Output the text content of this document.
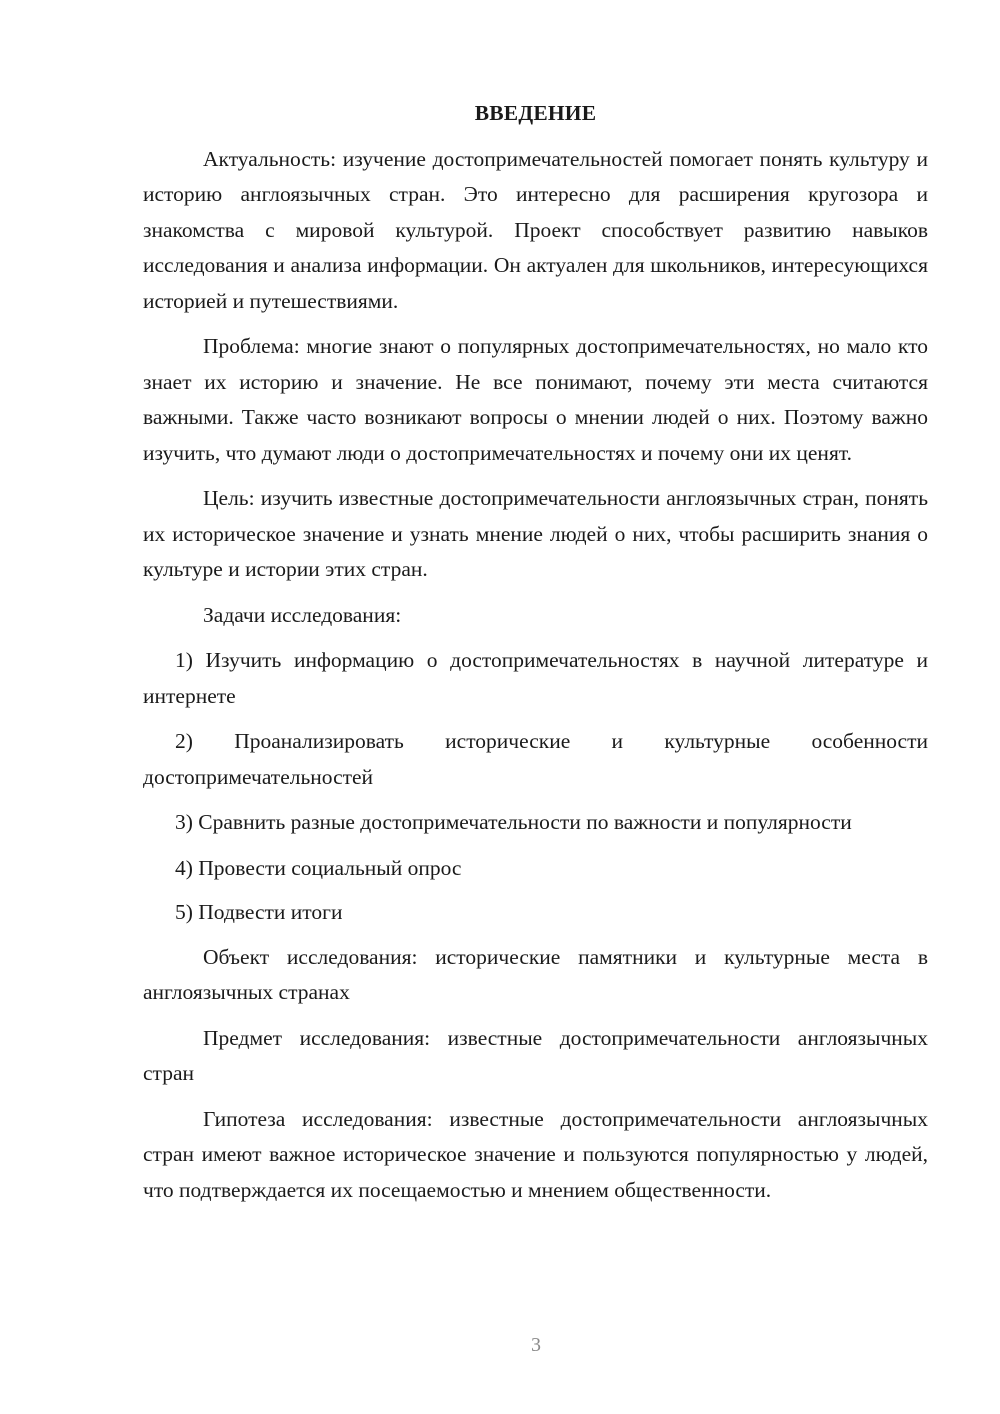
ВВЕДЕНИЕ

Актуальность: изучение достопримечательностей помогает понять культуру и историю англоязычных стран. Это интересно для расширения кругозора и знакомства с мировой культурой. Проект способствует развитию навыков исследования и анализа информации. Он актуален для школьников, интересующихся историей и путешествиями.

Проблема: многие знают о популярных достопримечательностях, но мало кто знает их историю и значение. Не все понимают, почему эти места считаются важными. Также часто возникают вопросы о мнении людей о них. Поэтому важно изучить, что думают люди о достопримечательностях и почему они их ценят.

Цель: изучить известные достопримечательности англоязычных стран, понять их историческое значение и узнать мнение людей о них, чтобы расширить знания о культуре и истории этих стран.

Задачи исследования:

1) Изучить информацию о достопримечательностях в научной литературе и интернете

2) Проанализировать исторические и культурные особенности достопримечательностей

3) Сравнить разные достопримечательности по важности и популярности

4) Провести социальный опрос

5) Подвести итоги

Объект исследования: исторические памятники и культурные места в англоязычных странах

Предмет исследования: известные достопримечательности англоязычных стран

Гипотеза исследования: известные достопримечательности англоязычных стран имеют важное историческое значение и пользуются популярностью у людей, что подтверждается их посещаемостью и мнением общественности.

3
